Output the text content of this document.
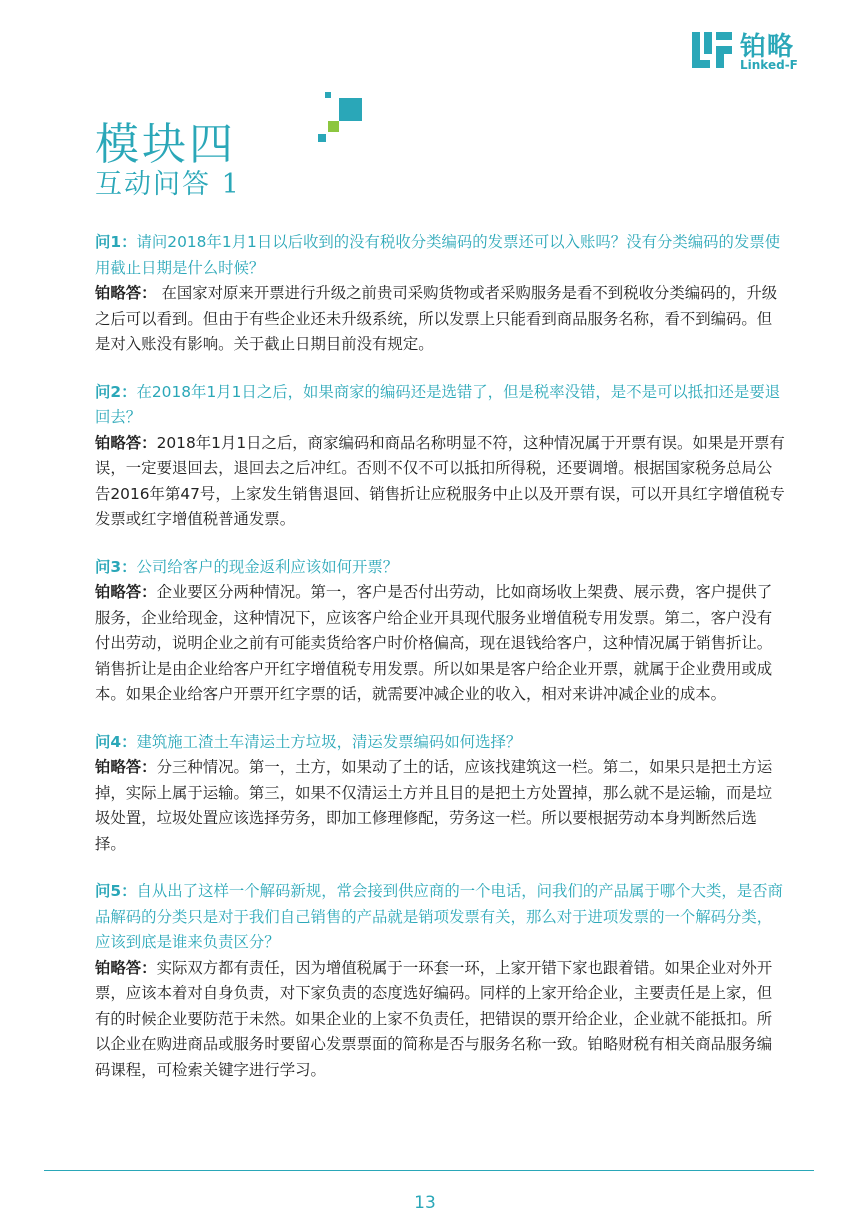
铂略
Linked-F
模块四
互动问答 1

问1：请问2018年1月1日以后收到的没有税收分类编码的发票还可以入账吗？没有分类编码的发票使用截止日期是什么时候？

铂略答： 在国家对原来开票进行升级之前贵司采购货物或者采购服务是看不到税收分类编码的，升级之后可以看到。但由于有些企业还未升级系统，所以发票上只能看到商品服务名称，看不到编码。但是对入账没有影响。关于截止日期目前没有规定。

问2：在2018年1月1日之后，如果商家的编码还是选错了，但是税率没错，是不是可以抵扣还是要退回去？

铂略答：2018年1月1日之后，商家编码和商品名称明显不符，这种情况属于开票有误。如果是开票有误，一定要退回去，退回去之后冲红。否则不仅不可以抵扣所得税，还要调增。根据国家税务总局公告2016年第47号，上家发生销售退回、销售折让应税服务中止以及开票有误，可以开具红字增值税专发票或红字增值税普通发票。

问3：公司给客户的现金返利应该如何开票？

铂略答：企业要区分两种情况。第一，客户是否付出劳动，比如商场收上架费、展示费，客户提供了服务，企业给现金，这种情况下，应该客户给企业开具现代服务业增值税专用发票。第二，客户没有付出劳动，说明企业之前有可能卖货给客户时价格偏高，现在退钱给客户，这种情况属于销售折让。销售折让是由企业给客户开红字增值税专用发票。所以如果是客户给企业开票，就属于企业费用或成本。如果企业给客户开票开红字票的话，就需要冲减企业的收入，相对来讲冲减企业的成本。

问4：建筑施工渣土车清运土方垃圾，清运发票编码如何选择？

铂略答：分三种情况。第一，土方，如果动了土的话，应该找建筑这一栏。第二，如果只是把土方运掉，实际上属于运输。第三，如果不仅清运土方并且目的是把土方处置掉，那么就不是运输，而是垃圾处置，垃圾处置应该选择劳务，即加工修理修配，劳务这一栏。所以要根据劳动本身判断然后选择。

问5：自从出了这样一个解码新规，常会接到供应商的一个电话，问我们的产品属于哪个大类，是否商品解码的分类只是对于我们自己销售的产品就是销项发票有关，那么对于进项发票的一个解码分类，应该到底是谁来负责区分？

铂略答：实际双方都有责任，因为增值税属于一环套一环，上家开错下家也跟着错。如果企业对外开票，应该本着对自身负责，对下家负责的态度选好编码。同样的上家开给企业，主要责任是上家，但有的时候企业要防范于未然。如果企业的上家不负责任，把错误的票开给企业，企业就不能抵扣。所以企业在购进商品或服务时要留心发票票面的简称是否与服务名称一致。铂略财税有相关商品服务编码课程，可检索关键字进行学习。

13
